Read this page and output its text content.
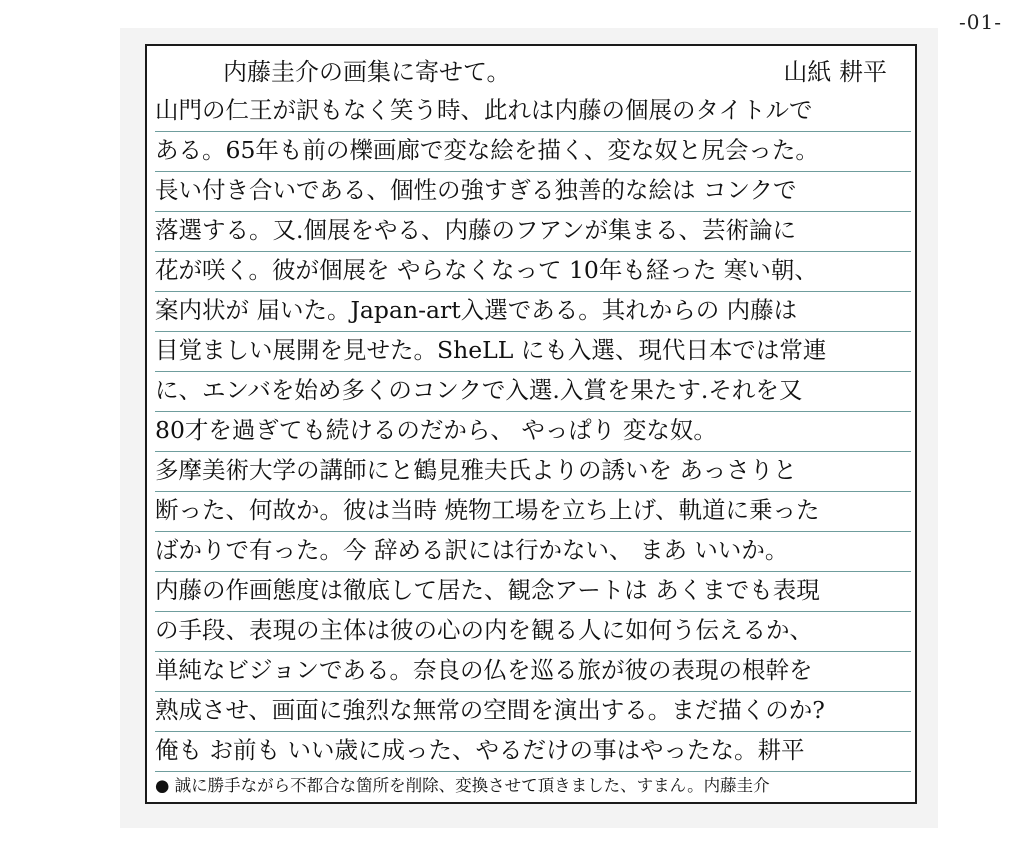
-01-
内藤圭介の画集に寄せて。	山紙 耕平
山門の仁王が訳もなく笑う時、此れは内藤の個展のタイトルで
ある。65年も前の櫟画廊で変な絵を描く、変な奴と尻会った。
長い付き合いである、個性の強すぎる独善的な絵は コンクで
落選する。又.個展をやる、内藤のフアンが集まる、芸術論に
花が咲く。彼が個展を やらなくなって 10年も経った 寒い朝、
案内状が 届いた。Japan-art入選である。其れからの 内藤は
目覚ましい展開を見せた。SheLL にも入選、現代日本では常連
に、エンバを始め多くのコンクで入選.入賞を果たす.それを又
80才を過ぎても続けるのだから、 やっぱり 変な奴。
多摩美術大学の講師にと鶴見雅夫氏よりの誘いを あっさりと
断った、何故か。彼は当時 焼物工場を立ち上げ、軌道に乗った
ばかりで有った。今 辞める訳には行かない、 まあ いいか。
内藤の作画態度は徹底して居た、観念アートは あくまでも表現
の手段、表現の主体は彼の心の内を観る人に如何う伝えるか、
単純なビジョンである。奈良の仏を巡る旅が彼の表現の根幹を
熟成させ、画面に強烈な無常の空間を演出する。まだ描くのか?
俺も お前も いい歳に成った、やるだけの事はやったな。耕平
● 誠に勝手ながら不都合な箇所を削除、変換させて頂きました、すまん。内藤圭介
